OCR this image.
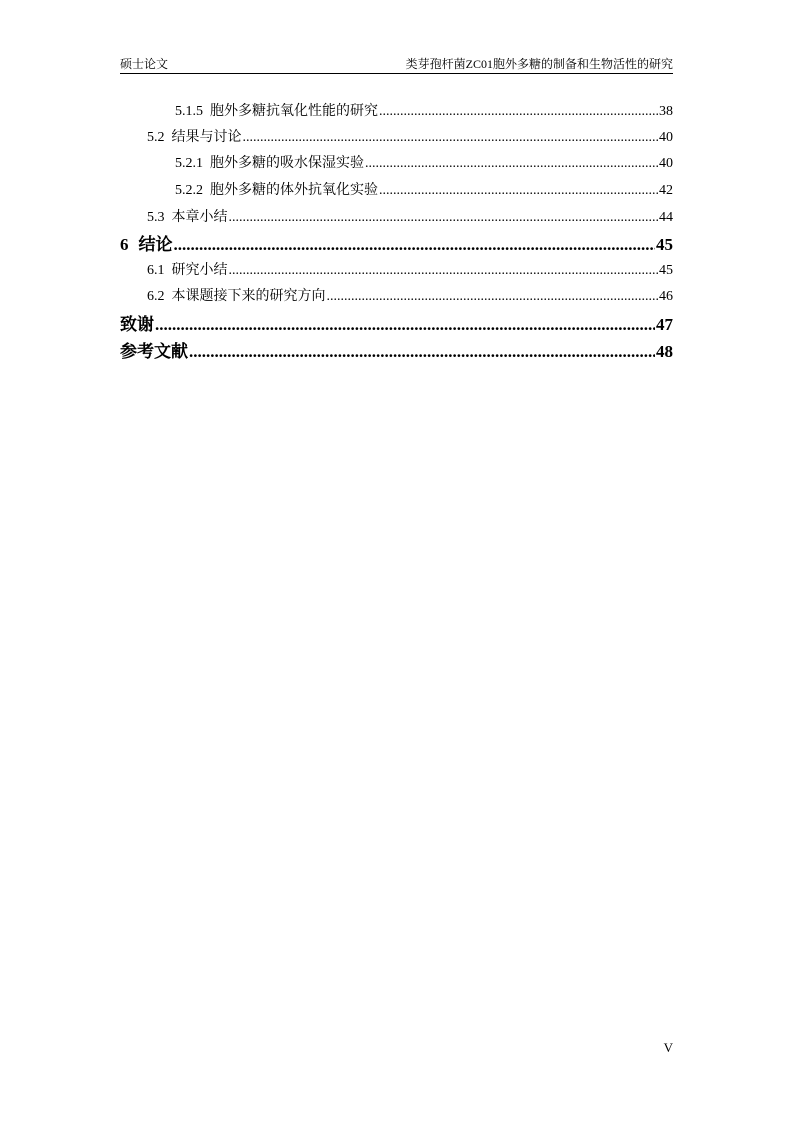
硕士论文	类芽孢杆菌ZC01胞外多糖的制备和生物活性的研究
5.1.5 胞外多糖抗氧化性能的研究 .....	38
5.2 结果与讨论 .....	40
5.2.1 胞外多糖的吸水保湿实验 .....	40
5.2.2 胞外多糖的体外抗氧化实验 .....	42
5.3 本章小结 .....	44
6 结论 .....	45
6.1 研究小结 .....	45
6.2 本课题接下来的研究方向 .....	46
致谢 .....	47
参考文献 .....	48
V
